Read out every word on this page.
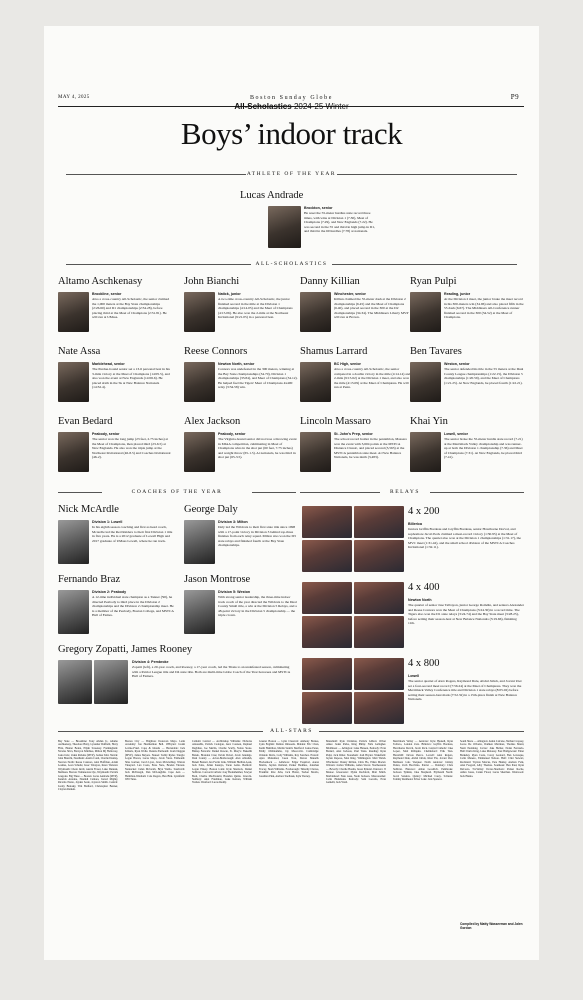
MAY 4, 2025	Boston Sunday Globe	P9
All-Scholastics 2024-25 Winter
Boys’ indoor track
ATHLETE OF THE YEAR
Lucas Andrade
Brockton, senior
He reset the 55-meter hurdles state record three times, with wins at Division 1 (7.30), Meet of Champions (7.29), and New Englands (7.22). He was second in the 55 and third in high jump in D1, and third in the 60 hurdles (7.78) at nationals.
ALL-SCHOLASTICS
Altamo Aschkenasy
Brookline, senior
Also a cross-country All-Scholastic, the senior claimed the 1,000 meters at the Bay State championships (2:26.60) and D1 championships (2:34.28), before placing third at the Meet of Champions (2:31.81). He will run at UMass.
John Bianchi
Natick, junior
A two-time cross-country All-Scholastic, the junior finished second in the mile at the Division 1 championships (4:14.05) and the Meet of Champions (4:15.06). He also won the 2-mile at the Northeast Invitational (9:21.05) in a personal best.
Danny Killian
Winchester, senior
Killian claimed the 55-meter dash at the Division 2 championships (6.45) and the Meet of Champions (6.40), and placed second in the 300 at the D2 championships (34.34). The Middlesex Liberty MVP will run at Brown.
Ryan Pulpi
Reading, junior
At the Division 2 meet, the junior broke the meet record in his 300-meters win (34.96) and also placed fifth in the 55 dash (6.67). The Middlesex All-Conference runner finished second in the 300 (34.52) at the Meet of Champions.
Nate Assa
Marblehead, senior
The Purdue-bound senior set a 13-6 personal best in his 3-mile victory at the Meet of Champions (14:05.5), and also won the event at New Englands (14:06.6). He placed sixth in the 5k at New Balance Nationals (14:32.4).
Reese Connors
Newton North, senior
Connors was undefeated in the 300 meters, winning at the Bay State championships (34.70), Division 1 championships (33.84), and Meet of Champions (34.12). He helped fuel the Tigers' Meet of Champions 4x400 relay (3:34.58) win.
Shamus Larrard
BC High, senior
Also a cross-country All-Scholastic, the senior competed in a double victory in the mile (4:14.14) and 2-mile (9:15.62) at the Division 1 meet, and also won the mile (4:15.09) at the Meet of Champions. He will run at Penn.
Ben Tavares
Weston, senior
The senior defended his title in the 55 meters at the Dual County League championships (1:22.15), the Division 5 championships (1:20.59), and the Meet of Champions (1:21.25). At New Englands, he placed fourth (1:22.21).
Evan Bedard
Peabody, senior
The senior won the long jump (23 feet, 2.75 inches) at the Meet of Champions, then placed third (23-6.5) at New Englands. He also won the triple jump at the Northeast Invitational (46-8.5) and Coaches Invitational (46-2).
Alex Jackson
Peabody, senior
The Virginia-bound senior did not lose a throwing event in MIAA competition, culminating in Meet of Champions wins in the shot put (60 feet, 7.75 inches) and weight throw (65-1.5). At nationals, he was third in shot put (65-3.5).
Lincoln Massaro
St. John's Prep, senior
The school record holder in the pentathlon, Massaro won the event with 3,604 points at the MSTCA Distance Classic, and placed second (3,563) at the MSTCA pentathlon state meet. At New Balance Nationals, he was ninth (3,483).
Khai Yin
Lowell, senior
The senior broke the 55-meter hurdle state record (7.21) at the Merrimack Valley championship and was runner-up at both the Division 1 championship (7.36) and Meet of Champions (7.31). At New Englands, he placed third (7.41).
COACHES OF THE YEAR	RELAYS
Nick McArdle
Division 1: Lowell
In his eighth season coaching and first as head coach, McArdle led the Red Raiders to their first Division 1 title in five years. He is a 2012 graduate of Lowell High and 2017 graduate of UMass Lowell, where he ran track.
George Daly
Division 3: Milton
Daly led the Wildcats to their first state title since 1998 with a 17-point victory in Division 3 behind top-three finishes from each relay squad. Milton also won the D3 state relays and finished fourth at the Bay State championships.
Fernando Braz
Division 2: Peabody
A 12-time individual state champion as a Tanner ('90), he directed Peabody to third place in the Division 2 championships and the Division 2 championship meet. He is a member of the Peabody, Boston College, and MSTCA Hall of Fames.
Jason Montrose
Division 5: Weston
With strong senior leadership, the three-time indoor track coach of the year directed the Wildcats to the Dual County Small title, a win at the Division 5 Relays, and a 48-point victory in the Division 5 championship — the triple crown.
Gregory Zopatti, James Rooney
Division 4: Pembroke
Zopatti (left), a 20-year coach, and Rooney, a 17-year coach, led the Titans to an undefeated season, culminating with a Patriot League title and D4 state title. Both are multi-time Globe Coach of the Year honorees and MSTCA Hall of Famers.
4 x 200
Billerica
Juniors Griffin Bordeau and Gryffin Bordeau, senior Hawthorne Dorval, and sophomore Jacob Peck claimed a meet-record victory (1:30.95) at the Meet of Champions. The quartet also won at the Division 1 championships (1:31.17), the MVC meet (1:31.42), and the small school division of the MSTCA Coaches Invitational (1:32.11).
4 x 400
Newton North
The quartet of senior Jase Talbayon, junior George Romdin, and seniors Alexander and Reese Connors won the Meet of Champions (3:24.30) in a record time. The Tigers also won the D1 state relays (3:24.74) and the Bay State meet (3:28.25), before setting their season-best at New Balance Nationals (3:19.66), finishing 11th.
4 x 800
Lowell
The senior quartet of Alex Rogers, Raymond Dale, Abdul Jalloh, and Jovani Uter set a four-second meet record (7:56.24) at the Meet of Champions. They won the Merrimack Valley Conference title and Division 1 state relays (8:05.02) before setting their season-best mark (7:52.32) in a 15th-place finish at New Balance Nationals.
ALL-STARS
Bay State — Brookline: Tony Abdun Jr., Altamo Aschkenasy, Theodore Batty, Lysander Duffield, Harry Flint, Hunter Bolen, Elijah Sweeney. Framingham: Nicolas Silva, Brevyon Smithies, Milton M) Holloway, Luka Juric, Zakai Perkins (MVP), Joshua Tehi. Natick: John Bianchi, Needham: Austin Conti, Charlie Dunlap, Newton North: Reese Connors, Alex Hoffman, Adam Lesmes, Leon Schultz, Isaac Tabayon, Knox Wolstad. Weymouth: Owen Abril, Austin Fraser, Luke Dunnak, Methuen. Boston: Tamunotare Ojo, Weymouth: Patrick Gregoire. Big Three — Boston: Lucas Andrade (MVP), Kenrick Antoine, Nnamdi Camara, Jarred Mighty, Ricardo Pierre, Jayden Seale, Joyavon Smith. Central: Lucky Bulosky, Tim Bedford, Christopher Benner, Clayton Rankin.
Boston City — Brighton: Donovan Mayo. Latin Academy: Jon Heatherman Bell. O'Bryant: Josiah Levine-Fried. Cape & Islands — Barnstable: Jack Kiburis, Ryan Wolfe. Dennis-Yarmouth: Liam Duggan (MVP), James Meyers. Nauset: Teddy Ryder. Sturgis: Logan Brown, Lucas Mayo, Jacob Viera. Falmouth: Silas Gartner, Jacob Lyon, Jaron McGlothley, Warren Vineyard. Lux Costa, Enzo Neto, Braden Vincent. Nantucket: Jaden McGrath, Bryn Waldo. Sandwich: Jack McDougal, Dan McLaughlin. Cape Ann — Hamilton-Wenham: Cole Rogers, Ben Birk. Lynnfield: Will Tutas.
Catholic Central — Archbishop Williams: Nicholas Antonellis, Patrick Cadogan, Alex Coutsen, Raphael Dagbhan, Joe Merlin, Charlie Scully, Nolan Stone. Bishop Fenwick: Daniel Rowan, St. Mary's: Bakedhi Bando, Brandon Cruz, Devin Duval, Jacob Jennings. Dual County — Acton-Boxborough: Alex Abiaduh, Benett Barnett, Ian Fortin Link, William Hurlbut-Leek, Jack Ivins, Julian Kaunya, Taran Lema. Bedford: Logan Emery. Boston Latin: Kyle Sherlock, Daniel Sullivan. Concord-Carlisle: Joey Bodenheimer, Sawyer Boul, Charlie MacDonald, Brendan Quinn. Lincoln-Sudbury: Alex Friedman, Luke Kernan, William Yarden. Westford: Lucas Reddy.
Greater Boston — Lynn Classical: Anthony Barnes, Lynn English: Daman Omosede. Malden: Eric Chen, Keith Hamilton, Martin Santili. Medford: Lukas Perez, Emily Obilinamma, Jay Moscovitz. Cambridge: Orlando Davis, Cody Williams, Ray Sanchez. Everett: Ayan Mohamed, Jason Tran, Devon Manelli. Hockomock — Attleboro: Edgar Esquivel, Aaron Martin, Jayden Outland, Parker Badmus, Jonathan Tracey, Noah Williams. Foxborough: Timothy Chaves, Franklin: Pete Juba, Jack Hatter, Tucker Morris, Jonathan Pink, Andrew Snelbaek, Kyle Tierney.
Mansfield: Kyle Christian, Patrick Gilbert. Oliver Ames: Jaden Parks, King Philip: Nick Gallagher. Middlesex — Arlington: Luke Hansen, Peabody: Evan Bedard, Alex Jackson, Paul Tanis. Reading: Ryan Pulpi, Jack Ritter. Stoneham: Josh Bryant. Wakefield: Jaylen Raposo, Max Ring. Wilmington: Matt Walsh. Winchester: Danny Killian, Chris Ho, Ethan Maciel. Woburn: Jordan Williams, Aiden Slover. Northeastern — Beverly: Charlie Boutin, Jason Prinstal. Danvers: JJ Munoz. Gloucester: Dylan Rochford, Matt Smith. Marblehead: Nate Assa, Noah Jackson. Masconomet: Colin Hulsmann. Peabody: Sam Lacerda, Evan Gemelli, Jack Ward.
Merrimack Valley — Andover: Kyle Haskell, Ryan Todisco, Landon Zoia. Billerica: Gryffin Bordeau, Hawthorne Dorval, Jacob Peck. Central Catholic: Jake Lopez, Matt Pelliquin. Chelmsford: Erik Tien. Haverhill: Devon Pierce. Lowell: Alex Rogers, Raymond Dale, Abdul Jalloh, Khai Yin, Jovani Uter. Methuen: Luis Vazquez. North Andover: Johnny Dolan, Zach Bocchino. Patriot — Duxbury: Chris Sullivan. Hanover: Aidan Goodrich. Pembroke: Jackson Tymkin, Jake Shepherd. Plymouth North: Jacob Sanders. Quincy: Michael Carey. Scituate: Tommy Redmond. Silver Lake: Jack Spencer.
South Shore — Abington: Aiden Calcano, Nathan Cropsey, Lucas De Oliveira, Damien Martinez, Thomas Mand, Nazir Pauldeng. Carver: Jake Holder, Nolan Ferrando. Hull: Darin King, Luke Maloney. East Bridgewater: Emer Berkeley, Ryan Costa, Corey Leonard, Ben Levesque, Colin Manero, Emmanuel Nelson. Hull: Clint Stewart, Rockland: Trystan Marcus, Pete Hanley, Andrew Folk, Alex Fosgard, Alby Thomas. Southeast: Ben Paul, Ryan DaCosta. Tri-Valley: Dover-Sherborn: Parker Roche, Aidan Jones, Caden Flood, Lucas Sherman. Westwood: Jack Hanna.
Compiled by Matty Wasserman and Jalen Gordon
